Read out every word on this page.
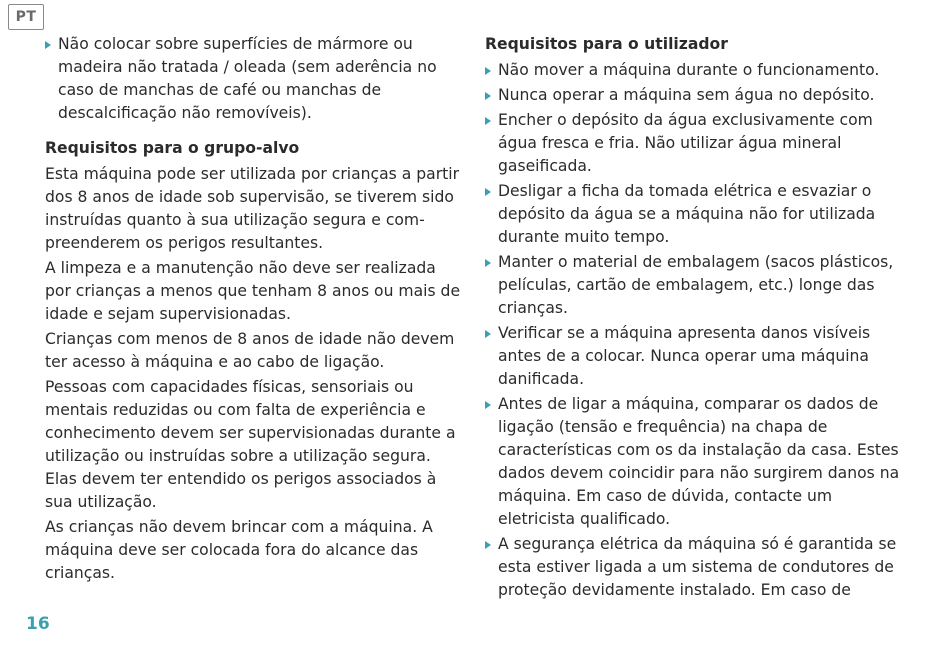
PT
Não colocar sobre superfícies de mármore ou madeira não tratada / oleada (sem aderência no caso de manchas de café ou manchas de descalcificação não removíveis).
Requisitos para o grupo-alvo

Esta máquina pode ser utilizada por crianças a partir dos 8 anos de idade sob supervisão, se tiverem sido instruídas quanto à sua utilização segura e compreenderem os perigos resultantes.

A limpeza e a manutenção não deve ser realizada por crianças a menos que tenham 8 anos ou mais de idade e sejam supervisionadas.

Crianças com menos de 8 anos de idade não devem ter acesso à máquina e ao cabo de ligação.

Pessoas com capacidades físicas, sensoriais ou mentais reduzidas ou com falta de experiência e conhecimento devem ser supervisionadas durante a utilização ou instruídas sobre a utilização segura. Elas devem ter entendido os perigos associados à sua utilização.

As crianças não devem brincar com a máquina. A máquina deve ser colocada fora do alcance das crianças.

Requisitos para o utilizador
Não mover a máquina durante o funcionamento.
Nunca operar a máquina sem água no depósito.
Encher o depósito da água exclusivamente com água fresca e fria. Não utilizar água mineral gaseificada.
Desligar a ficha da tomada elétrica e esvaziar o depósito da água se a máquina não for utilizada durante muito tempo.
Manter o material de embalagem (sacos plásticos, películas, cartão de embalagem, etc.) longe das crianças.
Verificar se a máquina apresenta danos visíveis antes de a colocar. Nunca operar uma máquina danificada.
Antes de ligar a máquina, comparar os dados de ligação (tensão e frequência) na chapa de características com os da instalação da casa. Estes dados devem coincidir para não surgirem danos na máquina. Em caso de dúvida, contacte um eletricista qualificado.
A segurança elétrica da máquina só é garantida se esta estiver ligada a um sistema de condutores de proteção devidamente instalado. Em caso de
16
